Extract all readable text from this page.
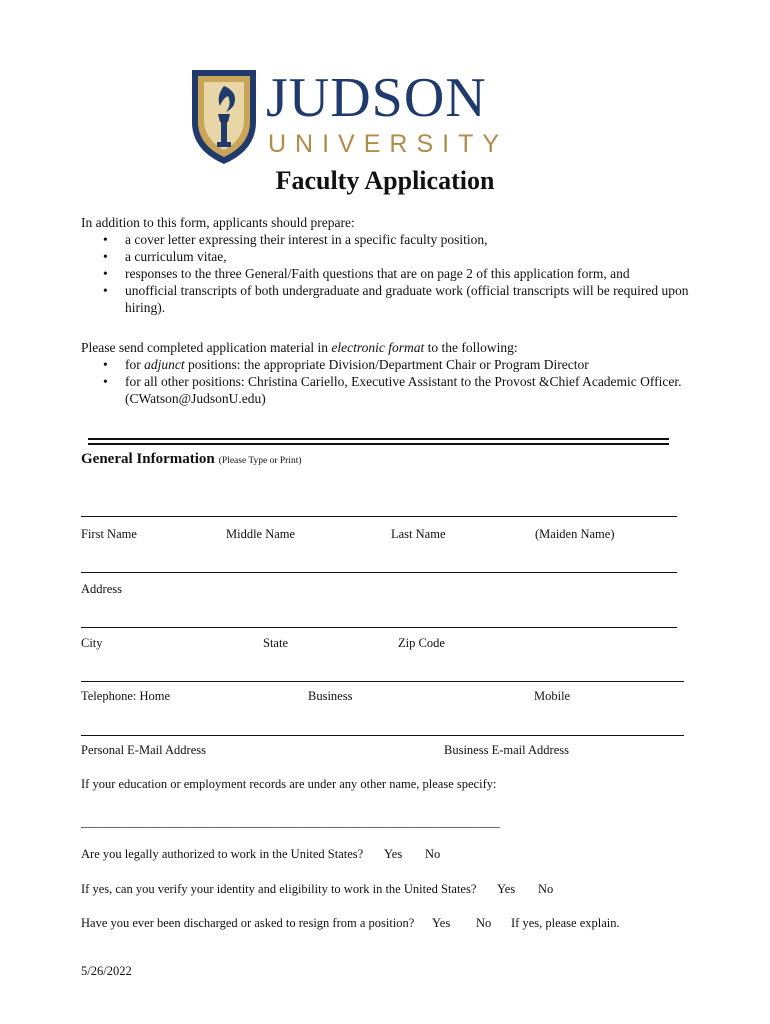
JUDSON
UNIVERSITY
Faculty Application
In addition to this form, applicants should prepare:
• a cover letter expressing their interest in a specific faculty position,
• a curriculum vitae,
• responses to the three General/Faith questions that are on page 2 of this application form, and
• unofficial transcripts of both undergraduate and graduate work (official transcripts will be required upon hiring).
Please send completed application material in electronic format to the following:
• for adjunct positions: the appropriate Division/Department Chair or Program Director
• for all other positions: Christina Cariello, Executive Assistant to the Provost &Chief Academic Officer. (CWatson@JudsonU.edu)
General Information (Please Type or Print)
First Name	Middle Name	Last Name	(Maiden Name)
Address
City	State	Zip Code
Telephone: Home	Business	Mobile
Personal E-Mail Address	Business E-mail Address
If your education or employment records are under any other name, please specify:
___________________________________________________________________
Are you legally authorized to work in the United States? Yes No
If yes, can you verify your identity and eligibility to work in the United States? Yes No
Have you ever been discharged or asked to resign from a position? Yes No If yes, please explain.
5/26/2022
